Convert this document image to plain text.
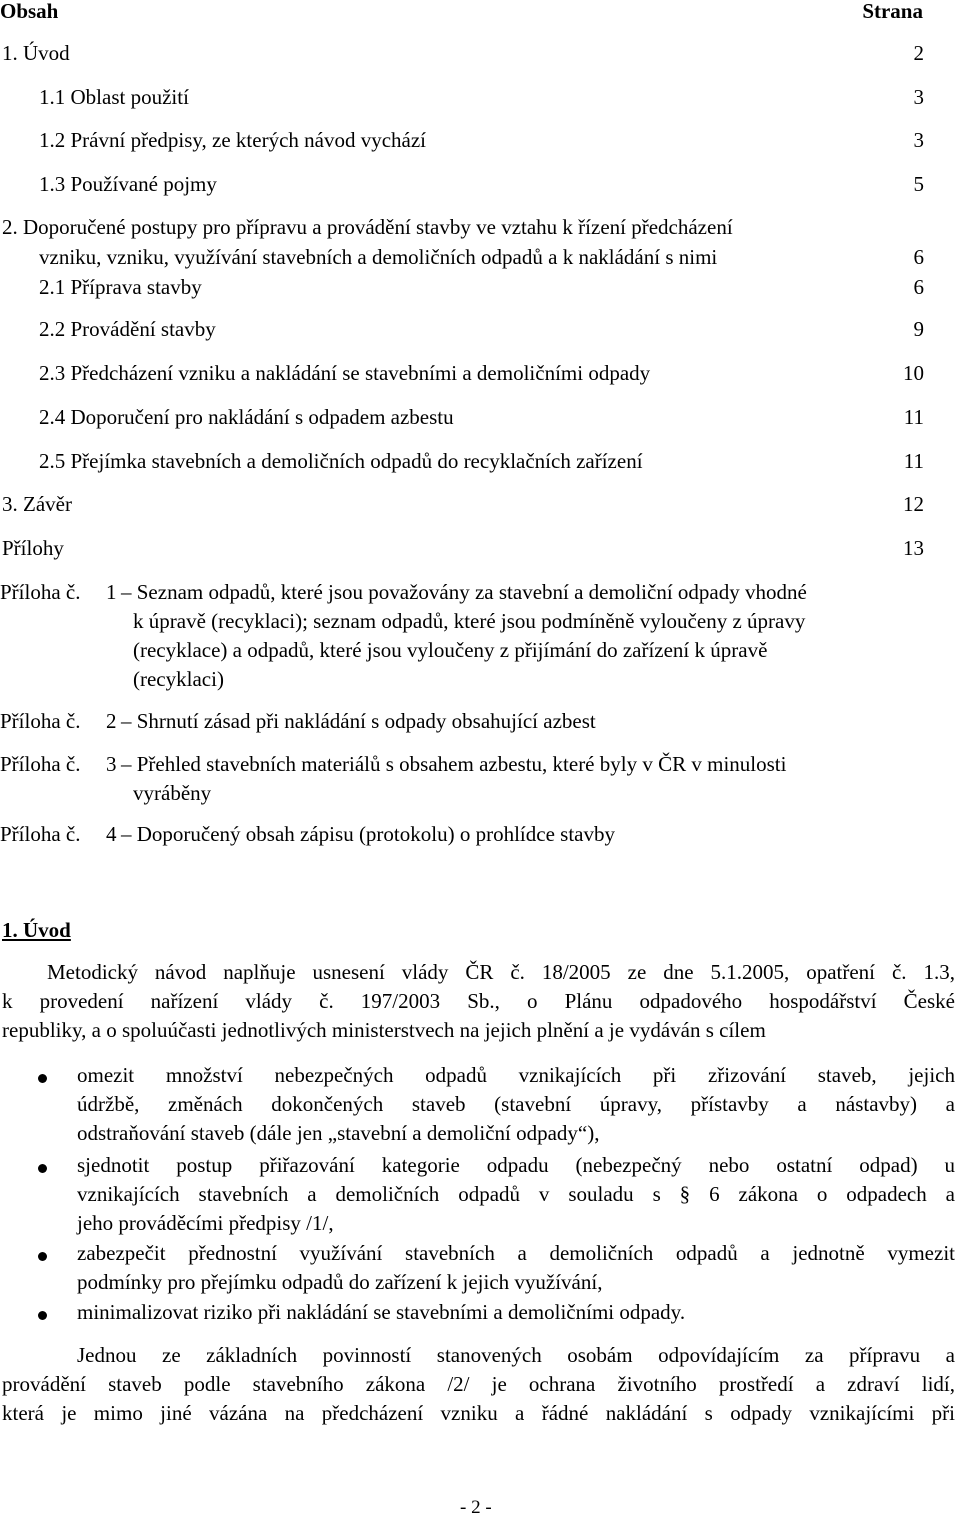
Obsah	Strana
1. Úvod	2
1.1 Oblast použití	3
1.2 Právní předpisy, ze kterých návod vychází	3
1.3 Používané pojmy	5
2. Doporučené postupy pro přípravu a provádění stavby ve vztahu k řízení předcházení
vzniku, vzniku, využívání stavebních a demoličních odpadů a k nakládání s nimi	6
2.1 Příprava stavby	6
2.2 Provádění stavby	9
2.3 Předcházení vzniku a nakládání se stavebními a demoličními odpady	10
2.4 Doporučení pro nakládání s odpadem azbestu	11
2.5 Přejímka stavebních a demoličních odpadů do recyklačních zařízení	11
3. Závěr	12
Přílohy	13
Příloha č. 1 – Seznam odpadů, které jsou považovány za stavební a demoliční odpady vhodné
k úpravě (recyklaci); seznam odpadů, které jsou podmíněně vyloučeny z úpravy
(recyklace) a odpadů, které jsou vyloučeny z přijímání do zařízení k úpravě
(recyklaci)
Příloha č. 2 – Shrnutí zásad při nakládání s odpady obsahující azbest
Příloha č. 3 – Přehled stavebních materiálů s obsahem azbestu, které byly v ČR v minulosti
vyráběny
Příloha č. 4 – Doporučený obsah zápisu (protokolu) o prohlídce stavby
1. Úvod
Metodický návod naplňuje usnesení vlády ČR č. 18/2005 ze dne 5.1.2005, opatření č. 1.3,
k provedení nařízení vlády č. 197/2003 Sb., o Plánu odpadového hospodářství České
republiky, a o spoluúčasti jednotlivých ministerstvech na jejich plnění a je vydáván s cílem
omezit množství nebezpečných odpadů vznikajících při zřizování staveb, jejich
údržbě, změnách dokončených staveb (stavební úpravy, přístavby a nástavby) a
odstraňování staveb (dále jen „stavební a demoliční odpady“),
sjednotit postup přiřazování kategorie odpadu (nebezpečný nebo ostatní odpad) u
vznikajících stavebních a demoličních odpadů v souladu s § 6 zákona o odpadech a
jeho prováděcími předpisy /1/,
zabezpečit přednostní využívání stavebních a demoličních odpadů a jednotně vymezit
podmínky pro přejímku odpadů do zařízení k jejich využívání,
minimalizovat riziko při nakládání se stavebními a demoličními odpady.
Jednou ze základních povinností stanovených osobám odpovídajícím za přípravu a
provádění staveb podle stavebního zákona /2/ je ochrana životního prostředí a zdraví lidí,
která je mimo jiné vázána na předcházení vzniku a řádné nakládání s odpady vznikajícími při
- 2 -
